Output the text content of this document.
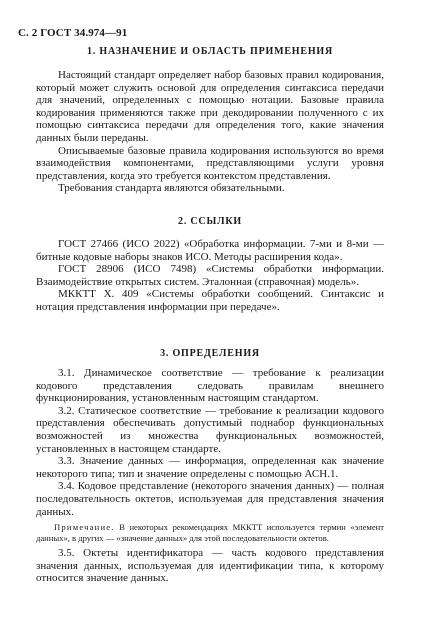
С. 2 ГОСТ 34.974—91
1. НАЗНАЧЕНИЕ И ОБЛАСТЬ ПРИМЕНЕНИЯ

Настоящий стандарт определяет набор базовых правил кодирования, который может служить основой для определения синтаксиса передачи для значений, определенных с помощью нотации. Базовые правила кодирования применяются также при декодировании полученного с их помощью синтаксиса передачи для определения того, какие значения данных были переданы.

Описываемые базовые правила кодирования используются во время взаимодействия компонентами, представляющими услуги уровня представления, когда это требуется контекстом представления.

Требования стандарта являются обязательными.

2. ССЫЛКИ

ГОСТ 27466 (ИСО 2022) «Обработка информации. 7-ми и 8-ми — битные кодовые наборы знаков ИСО. Методы расширения кода».

ГОСТ 28906 (ИСО 7498) «Системы обработки информации. Взаимодействие открытых систем. Эталонная (справочная) модель».

МККТТ Х. 409 «Системы обработки сообщений. Синтаксис и нотация представления информации при передаче».

3. ОПРЕДЕЛЕНИЯ

3.1. Динамическое соответствие — требование к реализации кодового представления следовать правилам внешнего функционирования, установленным настоящим стандартом.

3.2. Статическое соответствие — требование к реализации кодового представления обеспечивать допустимый поднабор функциональных возможностей из множества функциональных возможностей, установленных в настоящем стандарте.

3.3. Значение данных — информация, определенная как значение некоторого типа; тип и значение определены с помощью АСН.1.

3.4. Кодовое представление (некоторого значения данных) — полная последовательность октетов, используемая для представления значения данных.

Примечание. В некоторых рекомендациях МККТТ используется термин «элемент данных», в других — «значение данных» для этой последовательности октетов.

3.5. Октеты идентификатора — часть кодового представления значения данных, используемая для идентификации типа, к которому относится значение данных.
